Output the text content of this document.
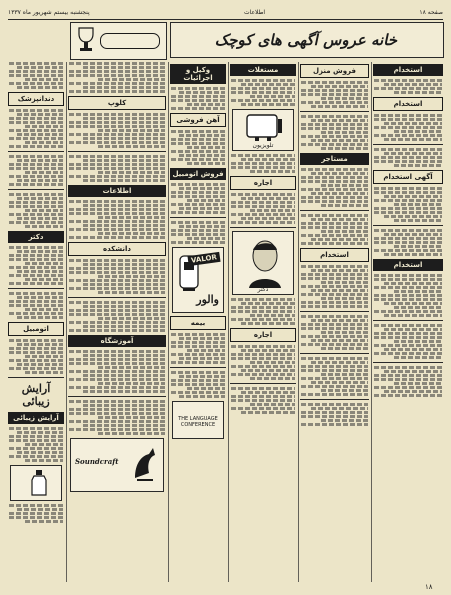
صفحه ۱۸
اطلاعات
پنجشنبه بیستم شهریور ماه ۱۳۳۷
خانه عروس آگهی های کوچک
استخدام

استخدام

آگهی استخدام

استخدام

فروش منزل

مستاجر

استخدام

مستغلات

تلویزیون

اجاره

دکتر

اجاره

وکیل و اجرائیات

آهن فروشی

فروش اتومبیل

VALOR
والور
بیمه

THE LANGUAGE CONFERENCE

کلوپ

اطلاعات

دانشکده

آموزشگاه

Soundcraft

دندانپزشک

دکتر

اتومبیل

آرایش زیبائی
آرایش زیبائی

۱۸
